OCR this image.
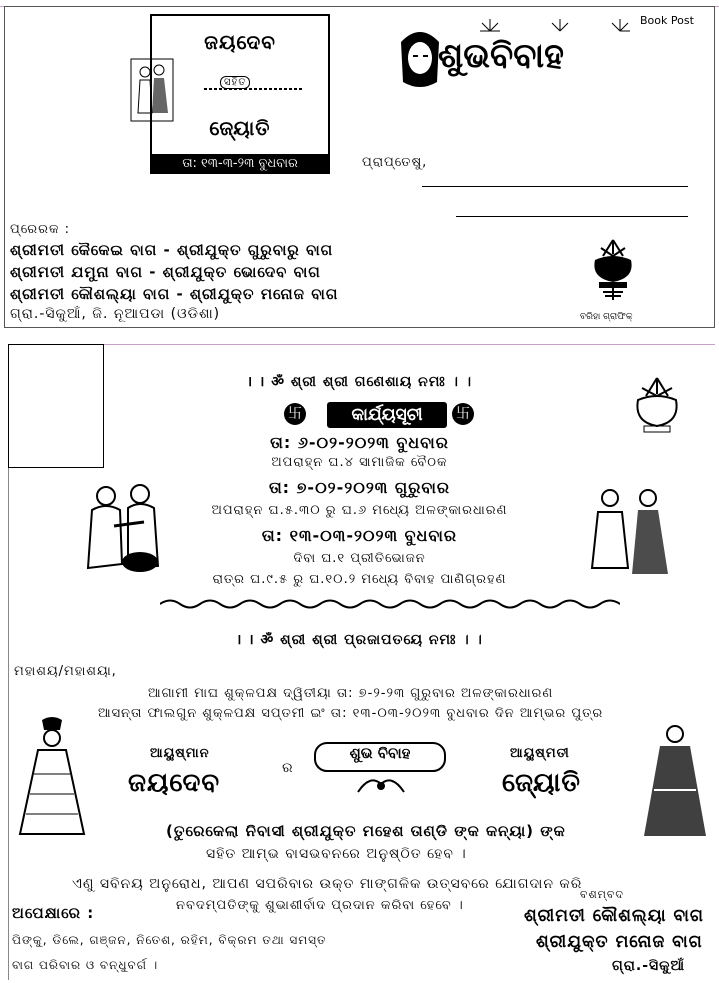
Book Post
ଜୟଦେବ
ସହିତ
ଜ୍ୟୋତି
ତା: ୧୩-୩-୨୩ ବୁଧବାର
ଶୁଭବିବାହ
ପ୍ରାପ୍ତେଷୁ,
ପ୍ରେରକ :
ଶ୍ରୀମତୀ କୈକେଇ ବାଗ - ଶ୍ରୀଯୁକ୍ତ ଗୁରୁବାରୁ ବାଗ
ଶ୍ରୀମତୀ ଯମୁନା ବାଗ - ଶ୍ରୀଯୁକ୍ତ ଭୋଦେବ ବାଗ
ଶ୍ରୀମତୀ କୌଶଲ୍ୟା ବାଗ - ଶ୍ରୀଯୁକ୍ତ ମନୋଜ ବାଗ
ଗ୍ରା.-ସିକୁଆଁ, ଜି. ନୂଆପଡା (ଓଡିଶା)	ବରିହା ଗ୍ରାଫିକ୍
। । ॐ ଶ୍ରୀ ଶ୍ରୀ ଗଣେଶାୟ ନମଃ । ।
卐	କାର୍ଯ୍ୟସୂଚୀ	卐
ତା: ୬-୦୨-୨୦୨୩ ବୁଧବାର
ଅପରାହ୍ନ ଘ.୪ ସାମାଜିକ ବୈଠକ
ତା: ୭-୦୨-୨୦୨୩ ଗୁରୁବାର
ଅପରାହ୍ନ ଘ.୫.୩୦ ରୁ ଘ.୬ ମଧ୍ୟେ ଅଳଙ୍କାରଧାରଣ
ତା: ୧୩-୦୩-୨୦୨୩ ବୁଧବାର
ଦିବା ଘ.୧ ପ୍ରୀତିଭୋଜନ
ରାତ୍ର ଘ.୯.୫ ରୁ ଘ.୧୦.୨ ମଧ୍ୟେ ବିବାହ ପାଣିଗ୍ରହଣ
। । ॐ ଶ୍ରୀ ଶ୍ରୀ ପ୍ରଜାପତୟେ ନମଃ । ।
ମହାଶୟ/ମହାଶୟା,
ଆଗାମୀ ମାଘ ଶୁକ୍ଳପକ୍ଷ ଦ୍ୱିତୀୟା ତା: ୭-୨-୨୩ ଗୁରୁବାର ଅଳଙ୍କାରଧାରଣ
ଆସନ୍ତା ଫାଲଗୁନ ଶୁକ୍ଳପକ୍ଷ ସପ୍ତମୀ ଇଂ ତା: ୧୩-୦୩-୨୦୨୩ ବୁଧବାର ଦିନ ଆମ୍ଭର ପୁତ୍ର
ଆୟୁଷ୍ମାନ
ଜୟଦେବ	ର
ଶୁଭ ବିବାହ	ଆୟୁଷ୍ମତୀ
ଜ୍ୟୋତି
(ତୁରେକେଲା ନିବାସୀ ଶ୍ରୀଯୁକ୍ତ ମହେଶ ତାଣ୍ଡି ଙ୍କ କନ୍ୟା) ଙ୍କ
ସହିତ ଆମ୍ଭ ବାସଭବନରେ ଅନୁଷ୍ଠିତ ହେବ ।
ଏଣୁ ସବିନୟ ଅନୁରୋଧ, ଆପଣ ସପରିବାର ଉକ୍ତ ମାଙ୍ଗଳିକ ଉତ୍ସବରେ ଯୋଗଦାନ କରି
ନବଦମ୍ପତିଙ୍କୁ ଶୁଭାଶୀର୍ବାଦ ପ୍ରଦାନ କରିବା ହେବେ ।
ବଶମ୍ବଦ
ଅପେକ୍ଷାରେ :
ପିଙ୍କୁ, ଡିଲେ, ଗଞ୍ଜନ, ନିତେଶ, ରହିମ, ବିକ୍ରମ ତଥା ସମସ୍ତ
ବାଗ ପରିବାର ଓ ବନ୍ଧୁବର୍ଗ ।
ଶ୍ରୀମତୀ କୌଶଲ୍ୟା ବାଗ
ଶ୍ରୀଯୁକ୍ତ ମନୋଜ ବାଗ
ଗ୍ରା.-ସିକୁଆଁ
